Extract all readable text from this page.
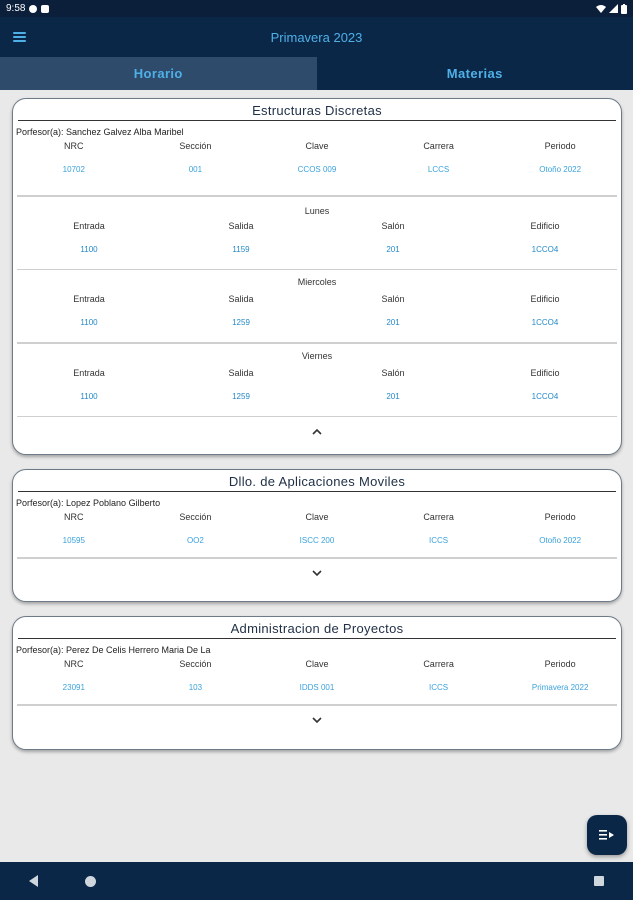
9:58
Primavera 2023
Horario	Materias
Estructuras Discretas
Porfesor(a): Sanchez Galvez Alba Maribel
NRC	Sección	Clave	Carrera	Periodo
10702	001	CCOS 009	LCCS	Otoño 2022
Lunes
Entrada	Salida	Salón	Edificio
1100	1159	201	1CCO4
Miercoles
Entrada	Salida	Salón	Edificio
1100	1259	201	1CCO4
Viernes
Entrada	Salida	Salón	Edificio
1100	1259	201	1CCO4
Dllo. de Aplicaciones Moviles
Porfesor(a): Lopez Poblano Gilberto
NRC	Sección	Clave	Carrera	Periodo
10595	OO2	ISCC 200	ICCS	Otoño 2022
Administracion de Proyectos
Porfesor(a): Perez De Celis Herrero Maria De La
NRC	Sección	Clave	Carrera	Periodo
23091	103	IDDS 001	ICCS	Primavera 2022
